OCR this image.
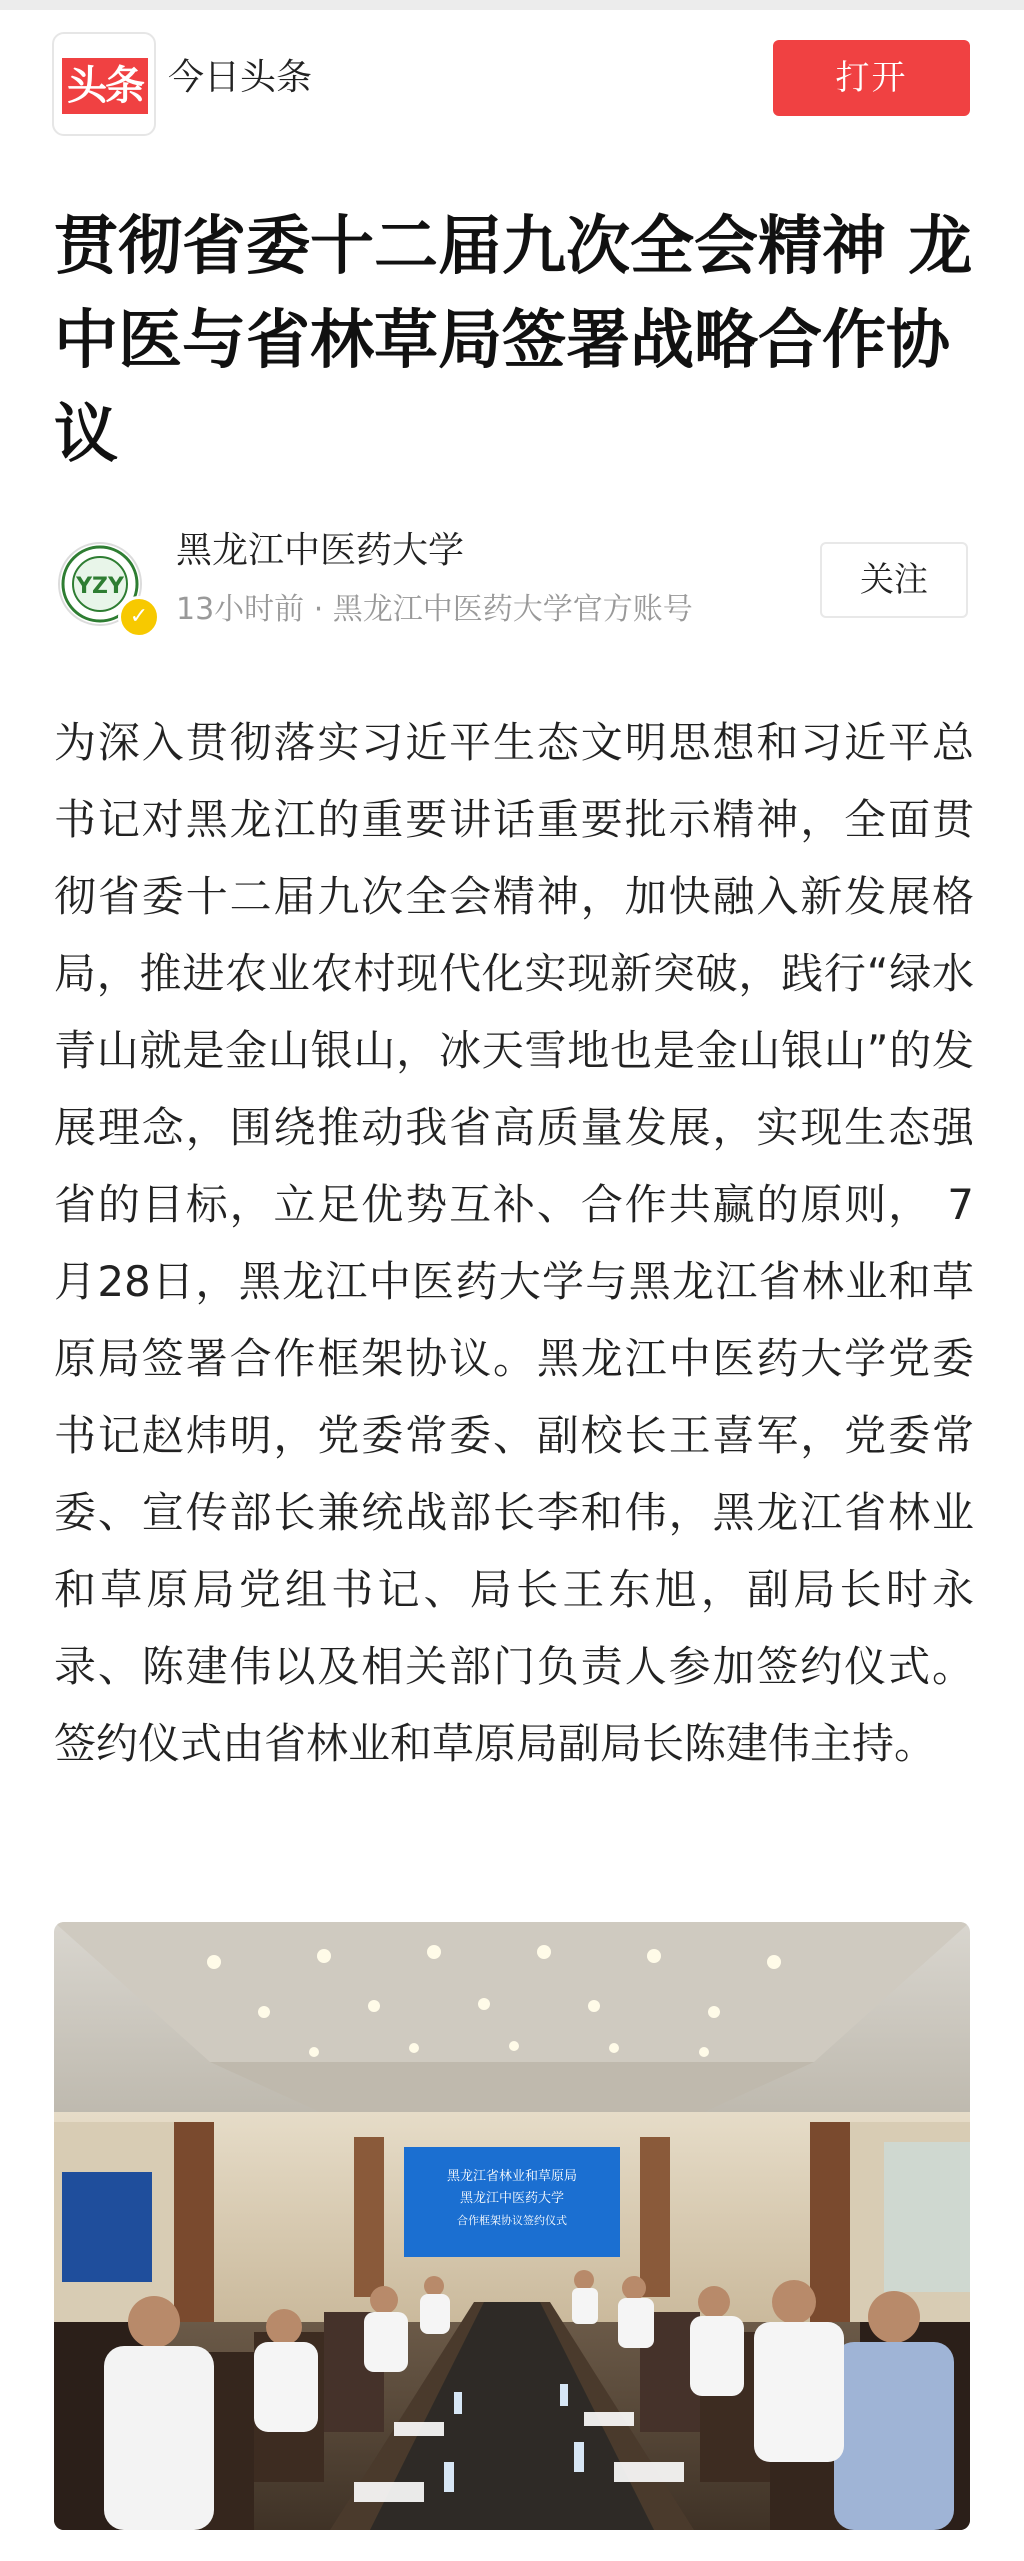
头条 今日头条	打开
贯彻省委十二届九次全会精神 龙中医与省林草局签署战略合作协议
YZY
✓
黑龙江中医药大学
13小时前 · 黑龙江中医药大学官方账号
关注

为深入贯彻落实习近平生态文明思想和习近平总书记对黑龙江的重要讲话重要批示精神，全面贯彻省委十二届九次全会精神，加快融入新发展格局，推进农业农村现代化实现新突破，践行“绿水青山就是金山银山，冰天雪地也是金山银山”的发展理念，围绕推动我省高质量发展，实现生态强省的目标，立足优势互补、合作共赢的原则， 7月28日，黑龙江中医药大学与黑龙江省林业和草原局签署合作框架协议。黑龙江中医药大学党委书记赵炜明，党委常委、副校长王喜军，党委常委、宣传部长兼统战部长李和伟，黑龙江省林业和草原局党组书记、局长王东旭，副局长时永录、陈建伟以及相关部门负责人参加签约仪式。签约仪式由省林业和草原局副局长陈建伟主持。

黑龙江省林业和草原局
黑龙江中医药大学
合作框架协议签约仪式
